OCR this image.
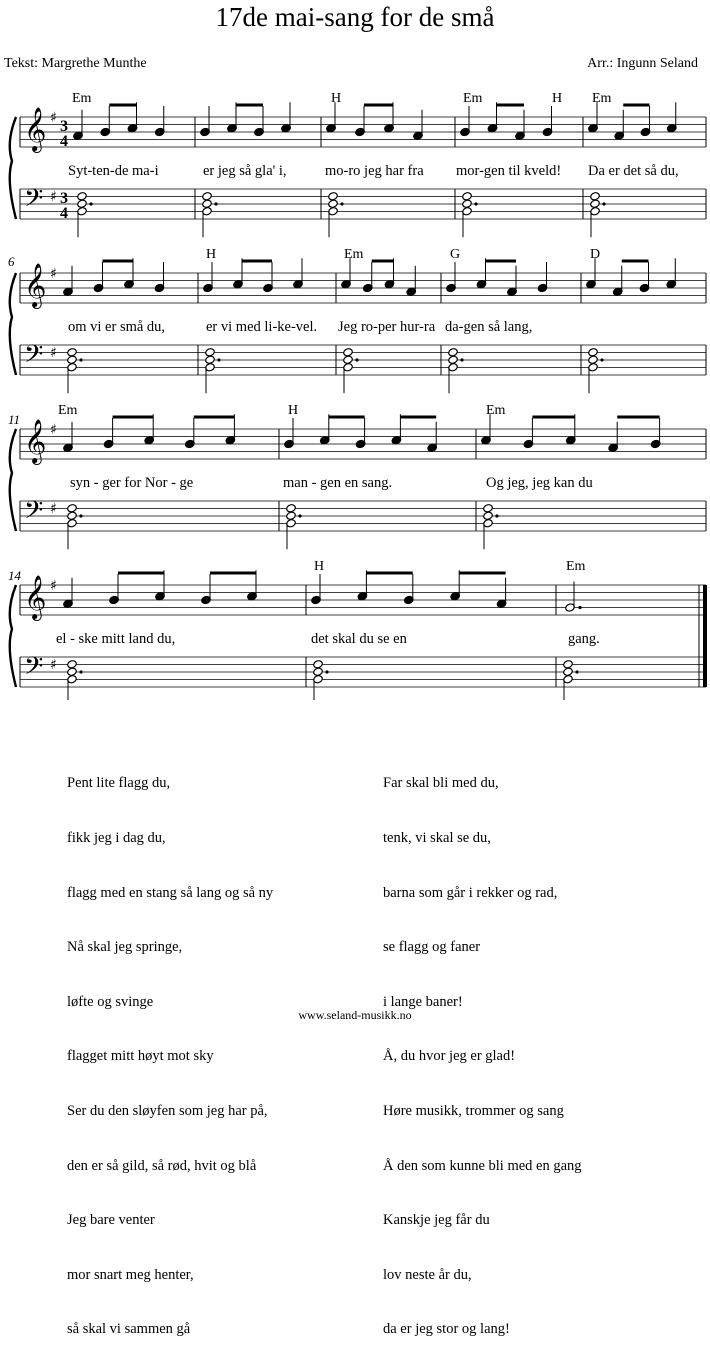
17de mai-sang for de små
Tekst: Margrethe Munthe	Arr.: Ingunn Seland
𝄞
𝄢
♯
♯
3
4
3
4
Em	H	Em	H Em
Syt-ten-de ma-i	er jeg så gla' i,	mo-ro jeg har fra mor-gen til kveld! Da er det så du,
𝄞
𝄢
♯
♯
6	H	Em	G	D
om vi er små du,	er vi med li-ke-vel. Jeg ro-per hur-ra da-gen så lang,
𝄞
𝄢
♯
♯
11
Em	H	Em
syn - ger for Nor - ge	man - gen en sang.	Og jeg, jeg kan du
𝄞
𝄢
♯
♯
14
H	Em
el - ske mitt land du,	det skal du se en	gang.

Pent lite flagg du,

fikk jeg i dag du,

flagg med en stang så lang og så ny

Nå skal jeg springe,

løfte og svinge

flagget mitt høyt mot sky

Ser du den sløyfen som jeg har på,

den er så gild, så rød, hvit og blå

Jeg bare venter

mor snart meg henter,

så skal vi sammen gå

Far skal bli med du,

tenk, vi skal se du,

barna som går i rekker og rad,

se flagg og faner

i lange baner!

Å, du hvor jeg er glad!

Høre musikk, trommer og sang

Å den som kunne bli med en gang

Kanskje jeg får du

lov neste år du,

da er jeg stor og lang!

www.seland-musikk.no
